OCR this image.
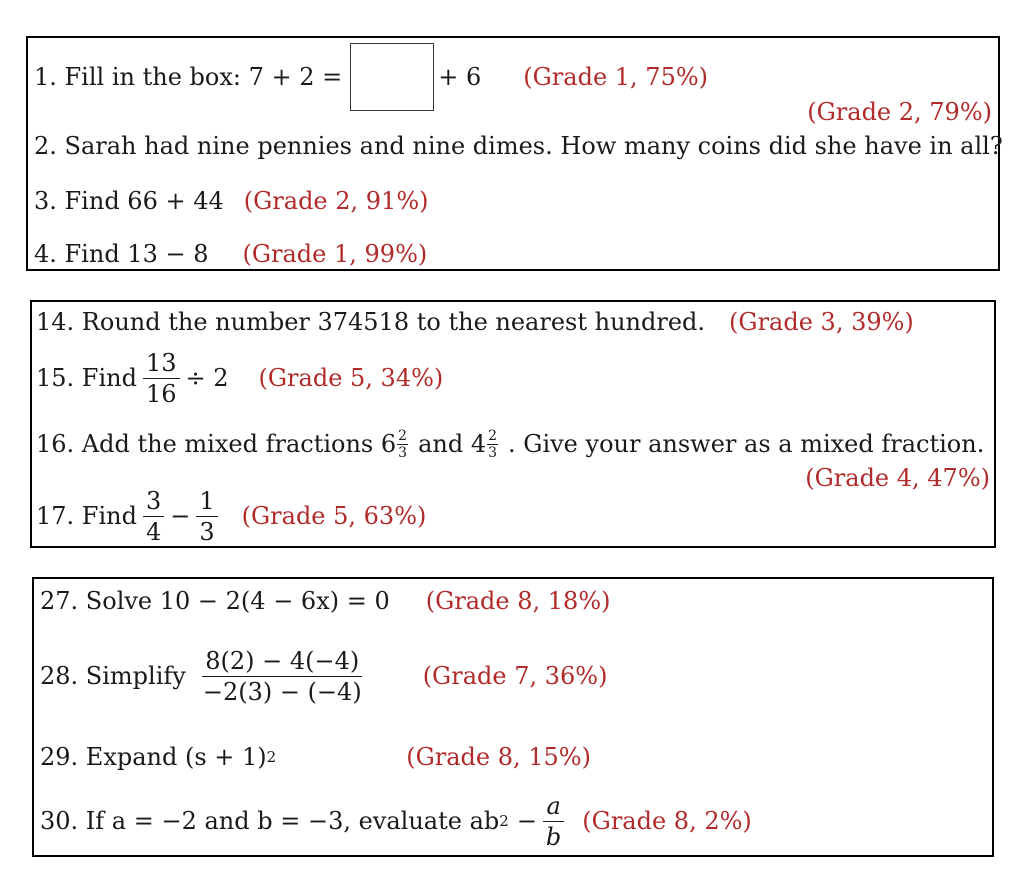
1. Fill in the box: 7 + 2 =	+ 6 (Grade 1, 75%)
(Grade 2, 79%)
2. Sarah had nine pennies and nine dimes. How many coins did she have in all?
3. Find 66 + 44 (Grade 2, 91%)
4. Find 13 − 8 (Grade 1, 99%)
14. Round the number 374518 to the nearest hundred. (Grade 3, 39%)
15. Find $\frac{13}{16} \div 2$ (Grade 5, 34%)
16. Add the mixed fractions $6 \frac{2}{3}$ and $4 \frac{2}{3}$ . Give your answer as a mixed fraction.
(Grade 4, 47%)
17. Find $\frac{3}{4} - \frac{1}{3}$ (Grade 5, 63%)
27. Solve 10 − 2(4 − 6x) = 0 (Grade 8, 18%)
28. Simplify $\frac{8(2) - 4(-4)}{-2(3) - (-4)}$ (Grade 7, 36%)
29. Expand (s + 1) 2	(Grade 8, 15%)
30. If a = −2 and b = −3, evaluate ab $2 - \frac{a}{b}$ (Grade 8, 2%)
